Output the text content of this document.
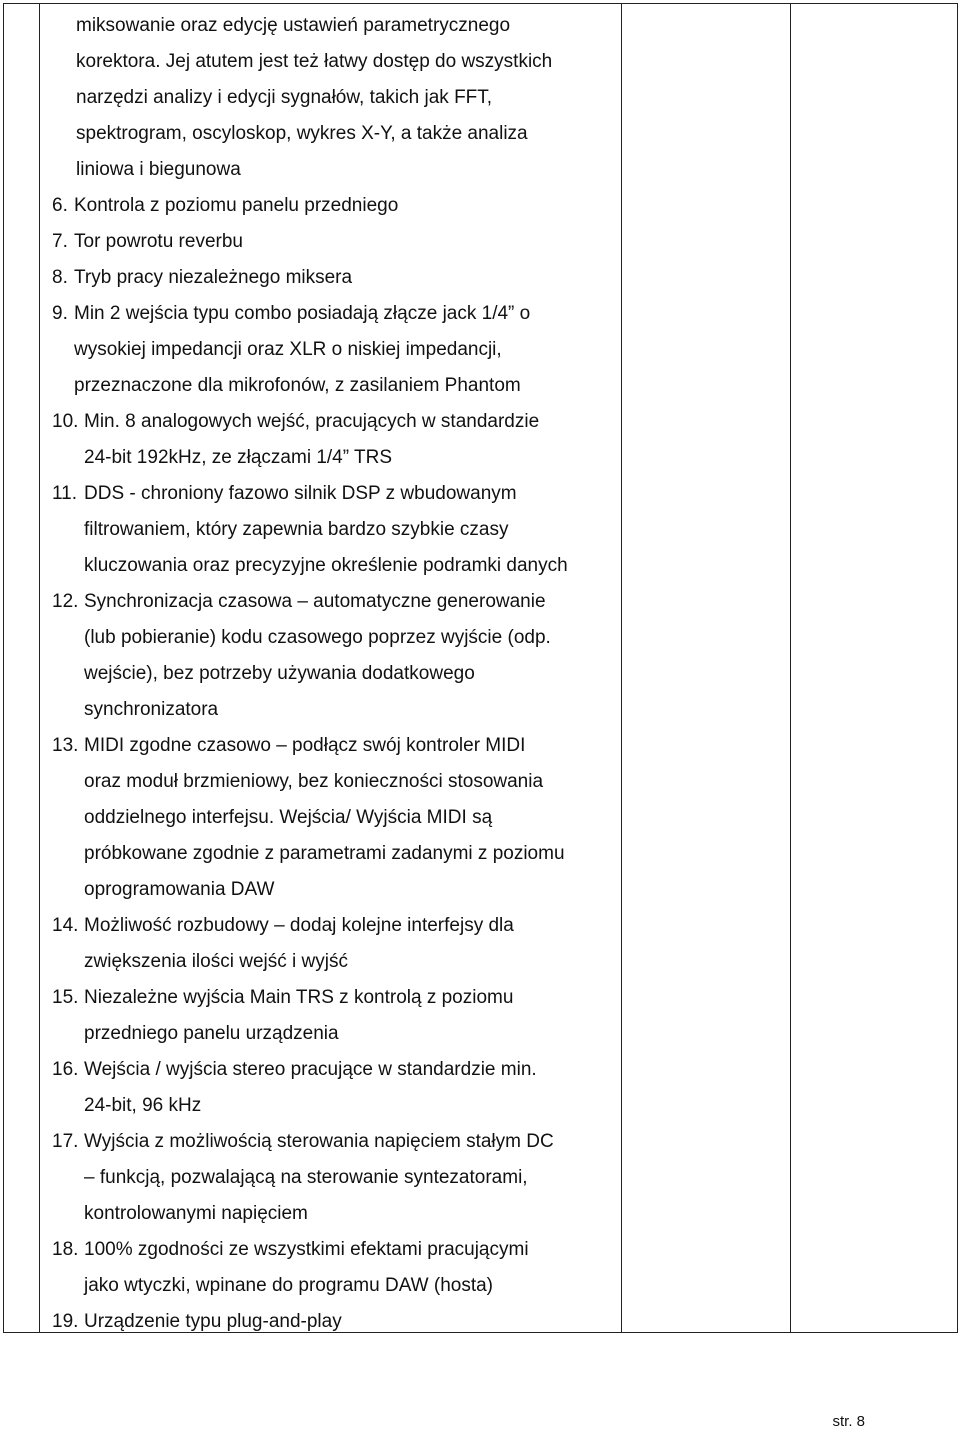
miksowanie oraz edycję ustawień parametrycznego
korektora. Jej atutem jest też łatwy dostęp do wszystkich
narzędzi analizy i edycji sygnałów, takich jak FFT,
spektrogram, oscyloskop, wykres X-Y, a także analiza
liniowa i biegunowa
6. Kontrola z poziomu panelu przedniego
7. Tor powrotu reverbu
8. Tryb pracy niezależnego miksera
9. Min 2 wejścia typu combo posiadają złącze jack 1/4” o
wysokiej impedancji oraz XLR o niskiej impedancji,
przeznaczone dla mikrofonów, z zasilaniem Phantom
10. Min. 8 analogowych wejść, pracujących w standardzie
24-bit 192kHz, ze złączami 1/4” TRS
11. DDS - chroniony fazowo silnik DSP z wbudowanym
filtrowaniem, który zapewnia bardzo szybkie czasy
kluczowania oraz precyzyjne określenie podramki danych
12. Synchronizacja czasowa – automatyczne generowanie
(lub pobieranie) kodu czasowego poprzez wyjście (odp.
wejście), bez potrzeby używania dodatkowego
synchronizatora
13. MIDI zgodne czasowo – podłącz swój kontroler MIDI
oraz moduł brzmieniowy, bez konieczności stosowania
oddzielnego interfejsu. Wejścia/ Wyjścia MIDI są
próbkowane zgodnie z parametrami zadanymi z poziomu
oprogramowania DAW
14. Możliwość rozbudowy – dodaj kolejne interfejsy dla
zwiększenia ilości wejść i wyjść
15. Niezależne wyjścia Main TRS z kontrolą z poziomu
przedniego panelu urządzenia
16. Wejścia / wyjścia stereo pracujące w standardzie min.
24-bit, 96 kHz
17. Wyjścia z możliwością sterowania napięciem stałym DC
– funkcją, pozwalającą na sterowanie syntezatorami,
kontrolowanymi napięciem
18. 100% zgodności ze wszystkimi efektami pracującymi
jako wtyczki, wpinane do programu DAW (hosta)
19. Urządzenie typu plug-and-play
str. 8
